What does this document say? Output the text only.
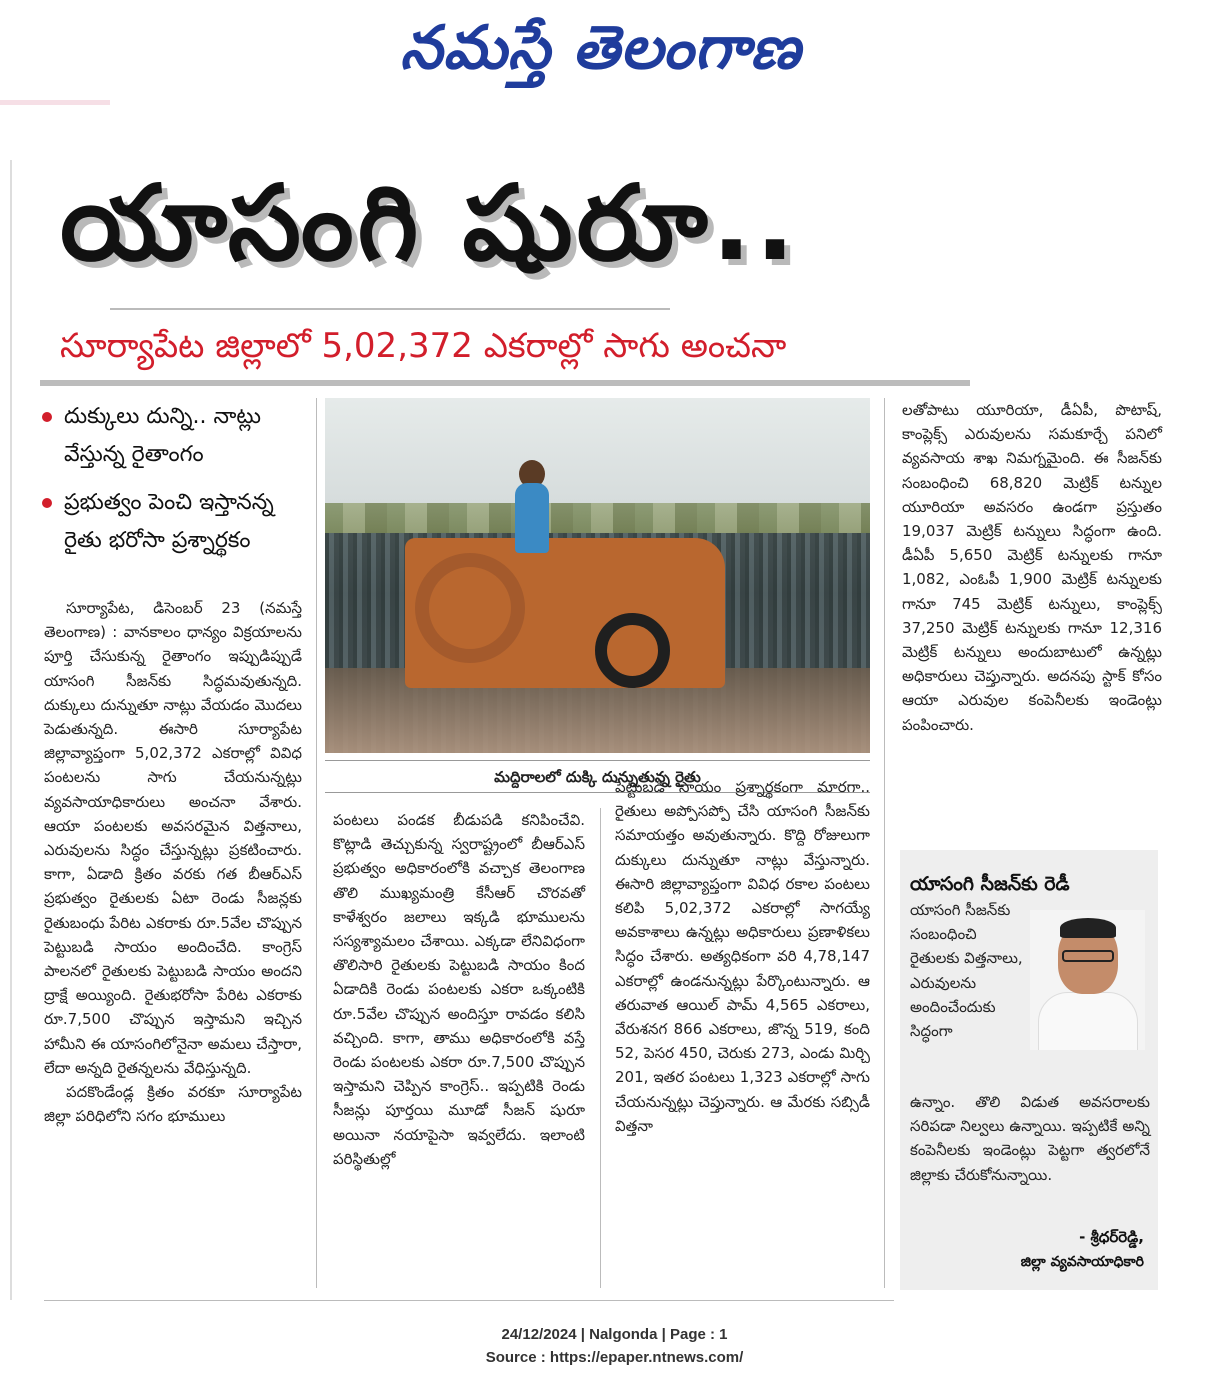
నమస్తే తెలంగాణ
యాసంగి షురూ..
సూర్యాపేట జిల్లాలో 5,02,372 ఎకరాల్లో సాగు అంచనా
దుక్కులు దున్ని.. నాట్లు వేస్తున్న రైతాంగం
ప్రభుత్వం పెంచి ఇస్తానన్న రైతు భరోసా ప్రశ్నార్థకం

సూర్యాపేట, డిసెంబర్ 23 (నమస్తే తెలంగాణ) : వానకాలం ధాన్యం విక్రయాలను పూర్తి చేసుకున్న రైతాంగం ఇప్పుడిప్పుడే యాసంగి సీజన్‌కు సిద్ధమవుతున్నది. దుక్కులు దున్నుతూ నాట్లు వేయడం మొదలు పెడుతున్నది. ఈసారి సూర్యాపేట జిల్లావ్యాప్తంగా 5,02,372 ఎకరాల్లో వివిధ పంటలను సాగు చేయనున్నట్లు వ్యవసాయాధికారులు అంచనా వేశారు. ఆయా పంటలకు అవసరమైన విత్తనాలు, ఎరువులను సిద్ధం చేస్తున్నట్లు ప్రకటించారు. కాగా, ఏడాది క్రితం వరకు గత బీఆర్‌ఎస్ ప్రభుత్వం రైతులకు ఏటా రెండు సీజన్లకు రైతుబంధు పేరిట ఎకరాకు రూ.5వేల చొప్పున పెట్టుబడి సాయం అందించేది. కాంగ్రెస్ పాలనలో రైతులకు పెట్టుబడి సాయం అందని ద్రాక్షే అయ్యింది. రైతుభరోసా పేరిట ఎకరాకు రూ.7,500 చొప్పున ఇస్తామని ఇచ్చిన హామీని ఈ యాసంగిలోనైనా అమలు చేస్తారా, లేదా అన్నది రైతన్నలను వేధిస్తున్నది.

పదకొండేండ్ల క్రితం వరకూ సూర్యాపేట జిల్లా పరిధిలోని సగం భూములు

మద్దిరాలలో దుక్కి దున్నుతున్న రైతు

పంటలు పండక బీడుపడి కనిపించేవి. కొట్లాడి తెచ్చుకున్న స్వరాష్ట్రంలో బీఆర్‌ఎస్ ప్రభుత్వం అధికారంలోకి వచ్చాక తెలంగాణ తొలి ముఖ్యమంత్రి కేసీఆర్ చొరవతో కాళేశ్వరం జలాలు ఇక్కడి భూములను సస్యశ్యామలం చేశాయి. ఎక్కడా లేనివిధంగా తొలిసారి రైతులకు పెట్టుబడి సాయం కింద ఏడాదికి రెండు పంటలకు ఎకరా ఒక్కంటికి రూ.5వేల చొప్పున అందిస్తూ రావడం కలిసి వచ్చింది. కాగా, తాము అధికారంలోకి వస్తే రెండు పంటలకు ఎకరా రూ.7,500 చొప్పున ఇస్తామని చెప్పిన కాంగ్రెస్.. ఇప్పటికి రెండు సీజన్లు పూర్తయి మూడో సీజన్ షురూ అయినా నయాపైసా ఇవ్వలేదు. ఇలాంటి పరిస్థితుల్లో

పెట్టుబడి సాయం ప్రశ్నార్థకంగా మారగా.. రైతులు అప్పోసప్పో చేసి యాసంగి సీజన్‌కు సమాయత్తం అవుతున్నారు. కొద్ది రోజులుగా దుక్కులు దున్నుతూ నాట్లు వేస్తున్నారు. ఈసారి జిల్లావ్యాప్తంగా వివిధ రకాల పంటలు కలిపి 5,02,372 ఎకరాల్లో సాగయ్యే అవకాశాలు ఉన్నట్లు అధికారులు ప్రణాళికలు సిద్ధం చేశారు. అత్యధికంగా వరి 4,78,147 ఎకరాల్లో ఉండనున్నట్లు పేర్కొంటున్నారు. ఆ తరువాత ఆయిల్ పామ్ 4,565 ఎకరాలు, వేరుశనగ 866 ఎకరాలు, జొన్న 519, కంది 52, పెసర 450, చెరుకు 273, ఎండు మిర్చి 201, ఇతర పంటలు 1,323 ఎకరాల్లో సాగు చేయనున్నట్లు చెప్తున్నారు. ఆ మేరకు సబ్సిడీ విత్తనా

లతోపాటు యూరియా, డీఏపీ, పొటాష్, కాంప్లెక్స్ ఎరువులను సమకూర్చే పనిలో వ్యవసాయ శాఖ నిమగ్నమైంది. ఈ సీజన్‌కు సంబంధించి 68,820 మెట్రిక్ టన్నుల యూరియా అవసరం ఉండగా ప్రస్తుతం 19,037 మెట్రిక్ టన్నులు సిద్ధంగా ఉంది. డీఏపీ 5,650 మెట్రిక్ టన్నులకు గానూ 1,082, ఎంఓపీ 1,900 మెట్రిక్ టన్నులకు గానూ 745 మెట్రిక్ టన్నులు, కాంప్లెక్స్ 37,250 మెట్రిక్ టన్నులకు గానూ 12,316 మెట్రిక్ టన్నులు అందుబాటులో ఉన్నట్లు అధికారులు చెప్తున్నారు. అదనపు స్టాక్ కోసం ఆయా ఎరువుల కంపెనీలకు ఇండెంట్లు పంపించారు.

యాసంగి సీజన్‌కు రెడీ
యాసంగి సీజన్‌కు సంబంధించి రైతులకు విత్తనాలు, ఎరువులను అందించేందుకు సిద్ధంగా
ఉన్నాం. తొలి విడుత అవసరాలకు సరిపడా నిల్వలు ఉన్నాయి. ఇప్పటికే అన్ని కంపెనీలకు ఇండెంట్లు పెట్టగా త్వరలోనే జిల్లాకు చేరుకోనున్నాయి.
- శ్రీధర్‌రెడ్డి,
జిల్లా వ్యవసాయాధికారి
24/12/2024 | Nalgonda | Page : 1
Source : https://epaper.ntnews.com/
